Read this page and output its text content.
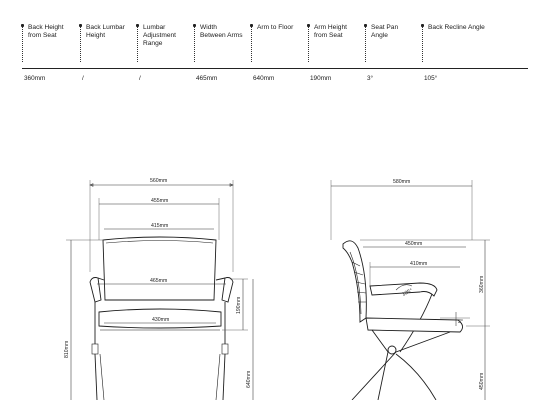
Back Height
from Seat
360mm
Back Lumbar
Height
/
Lumbar
Adjustment
Range
/
Width
Between Arms
465mm
Arm to Floor
640mm
Arm Height
from Seat
190mm
Seat Pan
Angle
3°
Back Recline Angle
105°
560mm
455mm
415mm
465mm
430mm
190mm
640mm
810mm
580mm
450mm
410mm
105°
3°
360mm
450mm
